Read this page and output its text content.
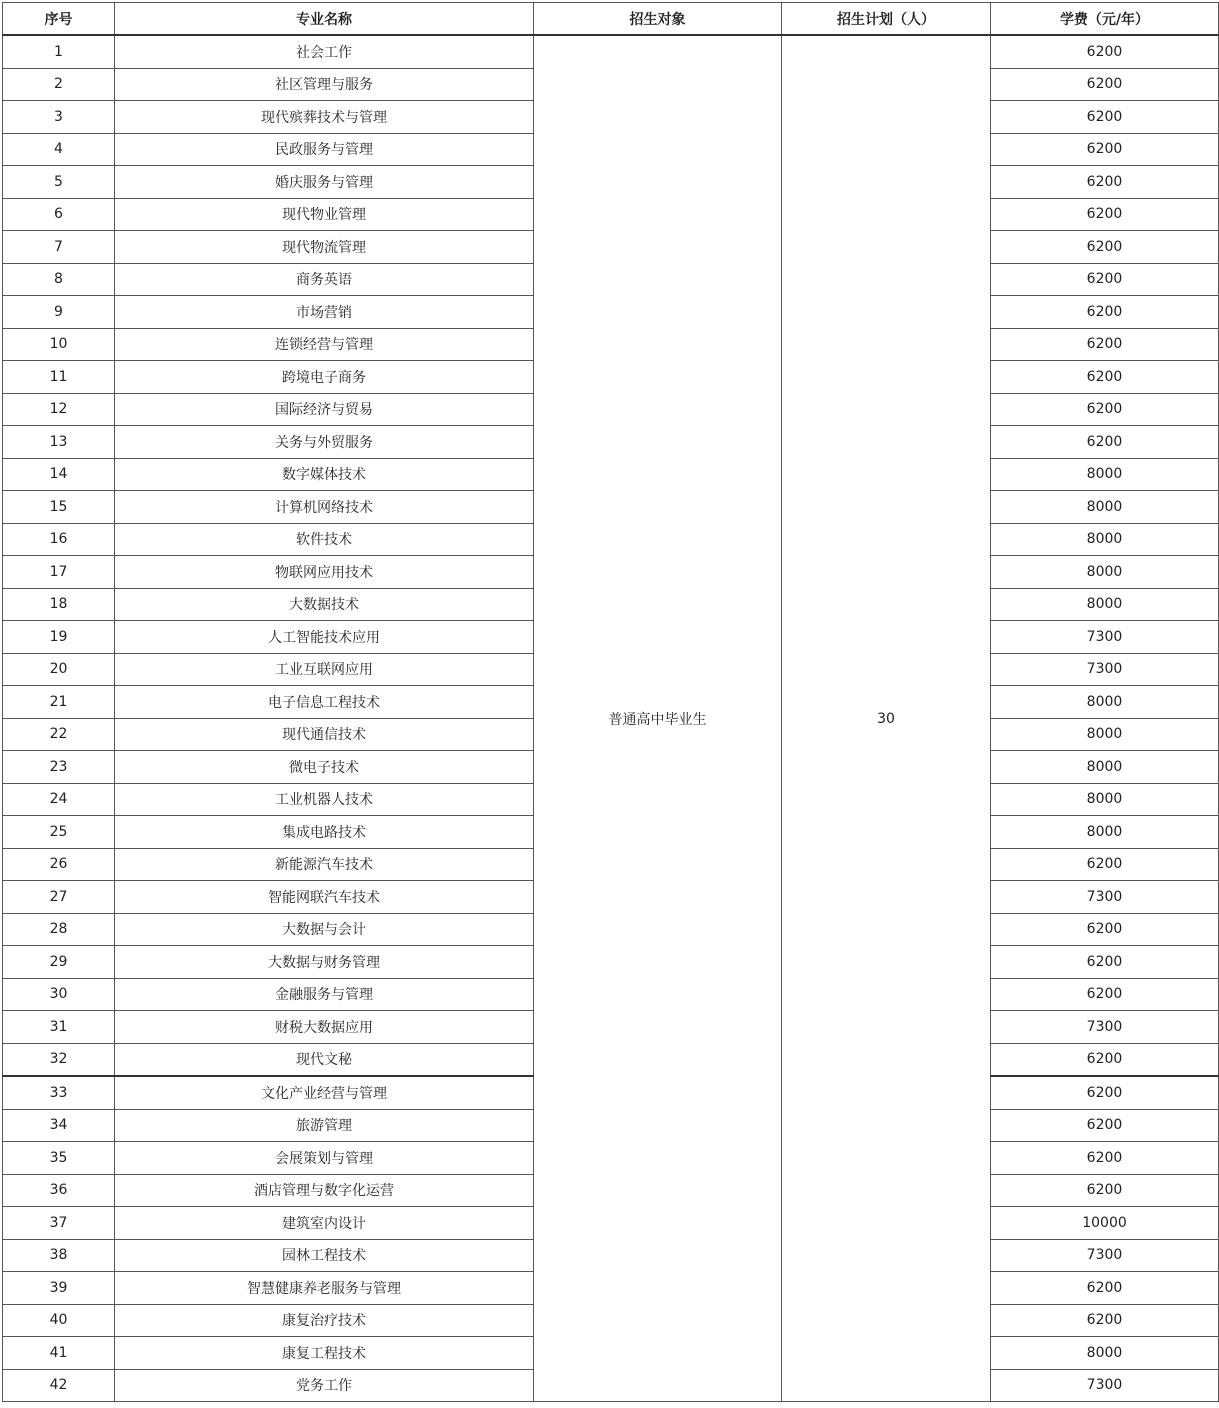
序号	专业名称	招生对象	招生计划（人）	学费（元/年）
1	社会工作	普通高中毕业生	30	6200
2	社区管理与服务			6200
3	现代殡葬技术与管理			6200
4	民政服务与管理			6200
5	婚庆服务与管理			6200
6	现代物业管理			6200
7	现代物流管理			6200
8	商务英语			6200
9	市场营销			6200
10	连锁经营与管理			6200
11	跨境电子商务			6200
12	国际经济与贸易			6200
13	关务与外贸服务			6200
14	数字媒体技术			8000
15	计算机网络技术			8000
16	软件技术			8000
17	物联网应用技术			8000
18	大数据技术			8000
19	人工智能技术应用			7300
20	工业互联网应用			7300
21	电子信息工程技术			8000
22	现代通信技术			8000
23	微电子技术			8000
24	工业机器人技术			8000
25	集成电路技术			8000
26	新能源汽车技术			6200
27	智能网联汽车技术			7300
28	大数据与会计			6200
29	大数据与财务管理			6200
30	金融服务与管理			6200
31	财税大数据应用			7300
32	现代文秘			6200
33	文化产业经营与管理			6200
34	旅游管理			6200
35	会展策划与管理			6200
36	酒店管理与数字化运营			6200
37	建筑室内设计			10000
38	园林工程技术			7300
39	智慧健康养老服务与管理			6200
40	康复治疗技术			6200
41	康复工程技术			8000
42	党务工作			7300
